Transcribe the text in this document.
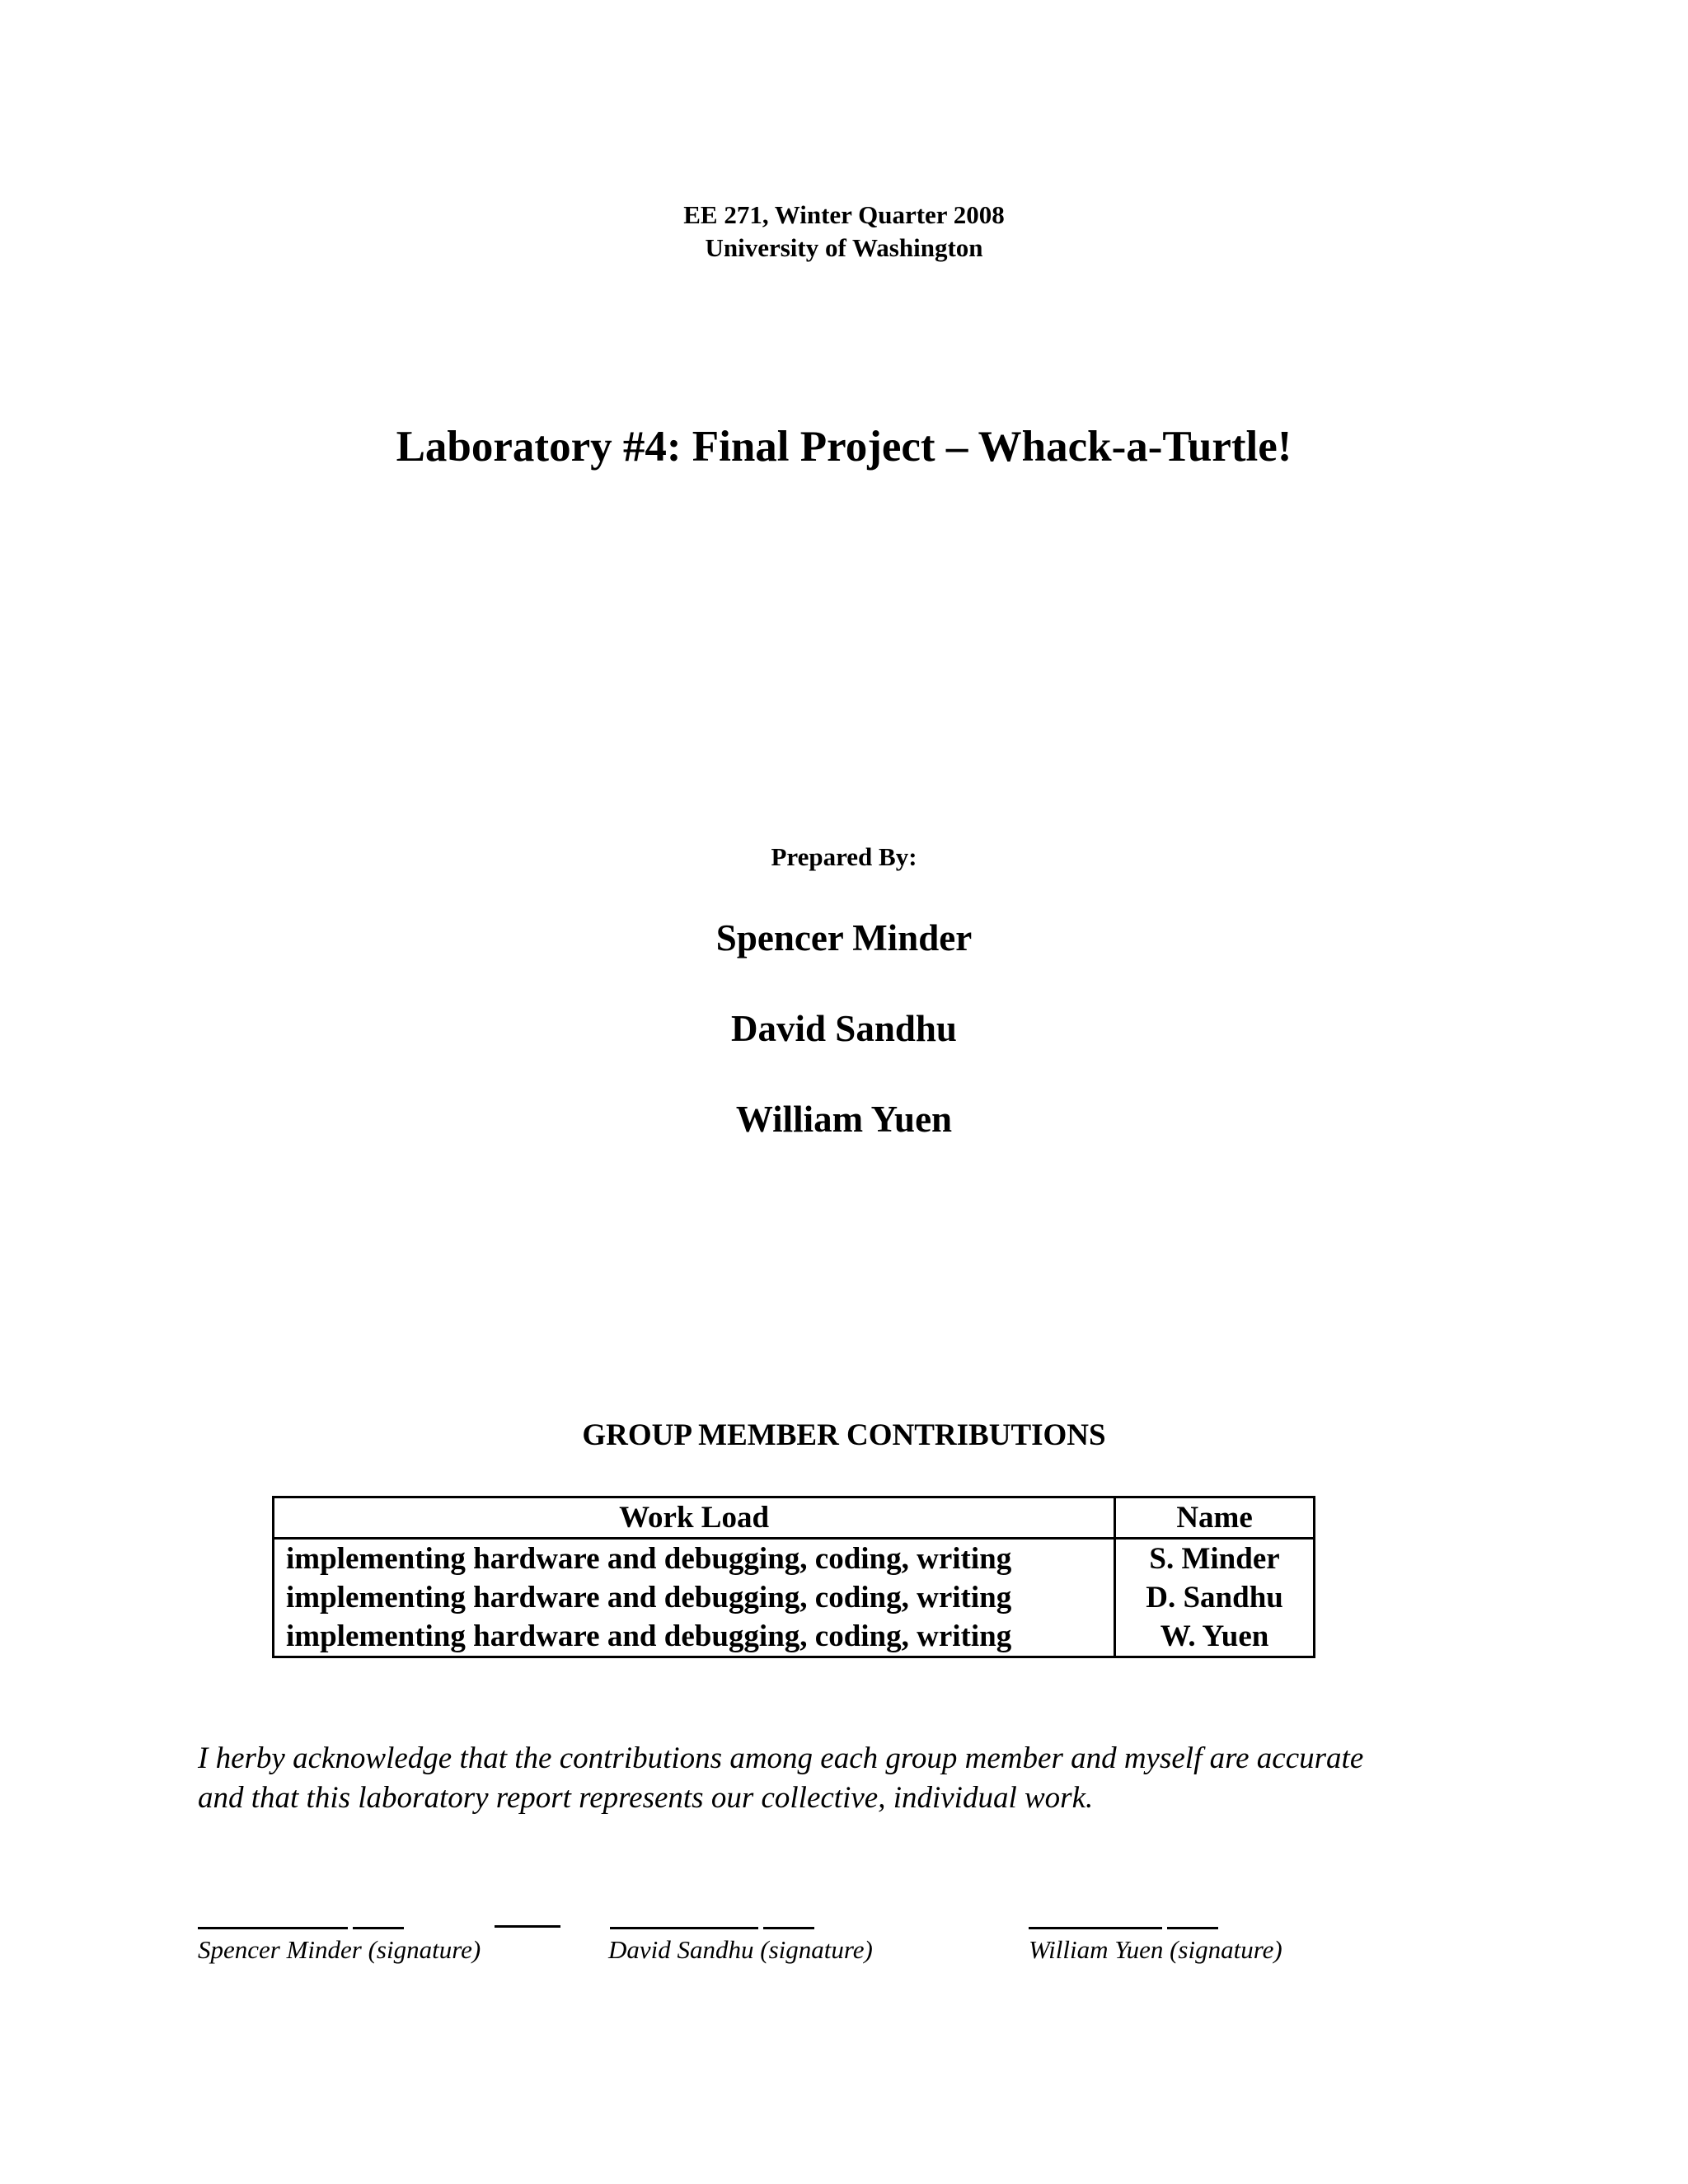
EE 271, Winter Quarter 2008
University of Washington
Laboratory #4: Final Project – Whack-a-Turtle!
Prepared By:
Spencer Minder
David Sandhu
William Yuen
GROUP MEMBER CONTRIBUTIONS
Work Load	Name
implementing hardware and debugging, coding, writing	S. Minder
implementing hardware and debugging, coding, writing	D. Sandhu
implementing hardware and debugging, coding, writing	W. Yuen
I herby acknowledge that the contributions among each group member and myself are accurate
and that this laboratory report represents our collective, individual work.
Spencer Minder (signature)	David Sandhu (signature)	William Yuen (signature)
